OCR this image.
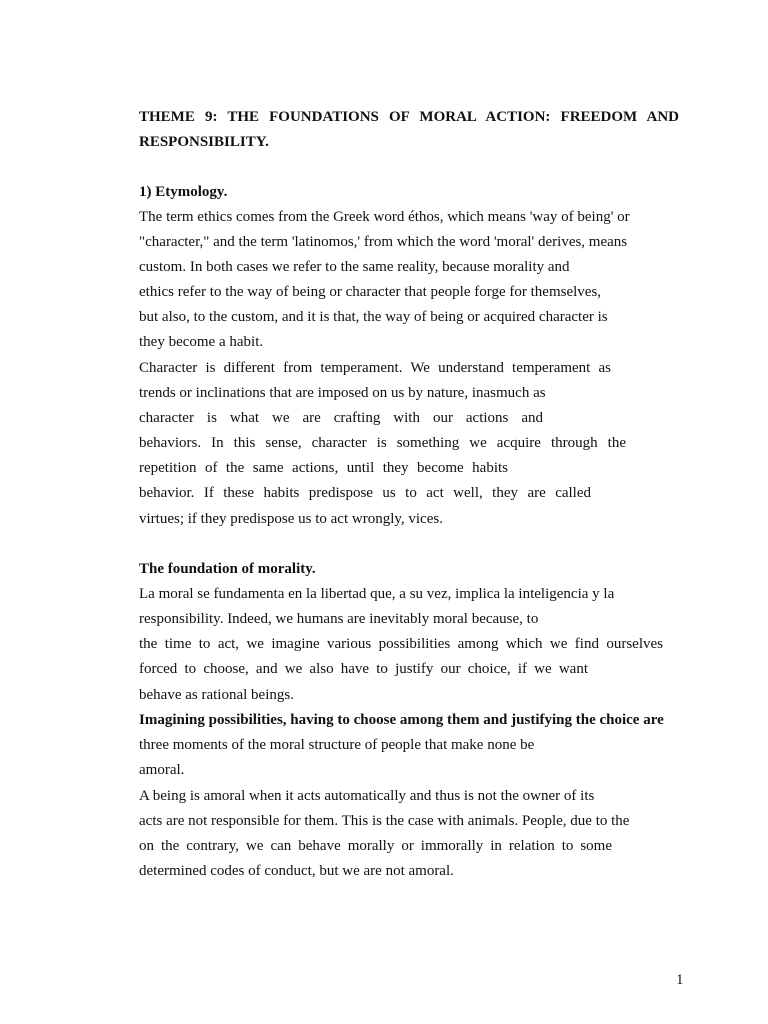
THEME 9: THE FOUNDATIONS OF MORAL ACTION: FREEDOM AND
RESPONSIBILITY.
1) Etymology.
The term ethics comes from the Greek word éthos, which means 'way of being' or
"character," and the term 'latinomos,' from which the word 'moral' derives, means
custom. In both cases we refer to the same reality, because morality and
ethics refer to the way of being or character that people forge for themselves,
but also, to the custom, and it is that, the way of being or acquired character is
they become a habit.
Character is different from temperament. We understand temperament as
trends or inclinations that are imposed on us by nature, inasmuch as
character is what we are crafting with our actions and
behaviors. In this sense, character is something we acquire through the
repetition of the same actions, until they become habits
behavior. If these habits predispose us to act well, they are called
virtues; if they predispose us to act wrongly, vices.
The foundation of morality.
La moral se fundamenta en la libertad que, a su vez, implica la inteligencia y la
responsibility. Indeed, we humans are inevitably moral because, to
the time to act, we imagine various possibilities among which we find ourselves
forced to choose, and we also have to justify our choice, if we want
behave as rational beings.
Imagining possibilities, having to choose among them and justifying the choice are
three moments of the moral structure of people that make none be
amoral.
A being is amoral when it acts automatically and thus is not the owner of its
acts are not responsible for them. This is the case with animals. People, due to the
on the contrary, we can behave morally or immorally in relation to some
determined codes of conduct, but we are not amoral.
1
